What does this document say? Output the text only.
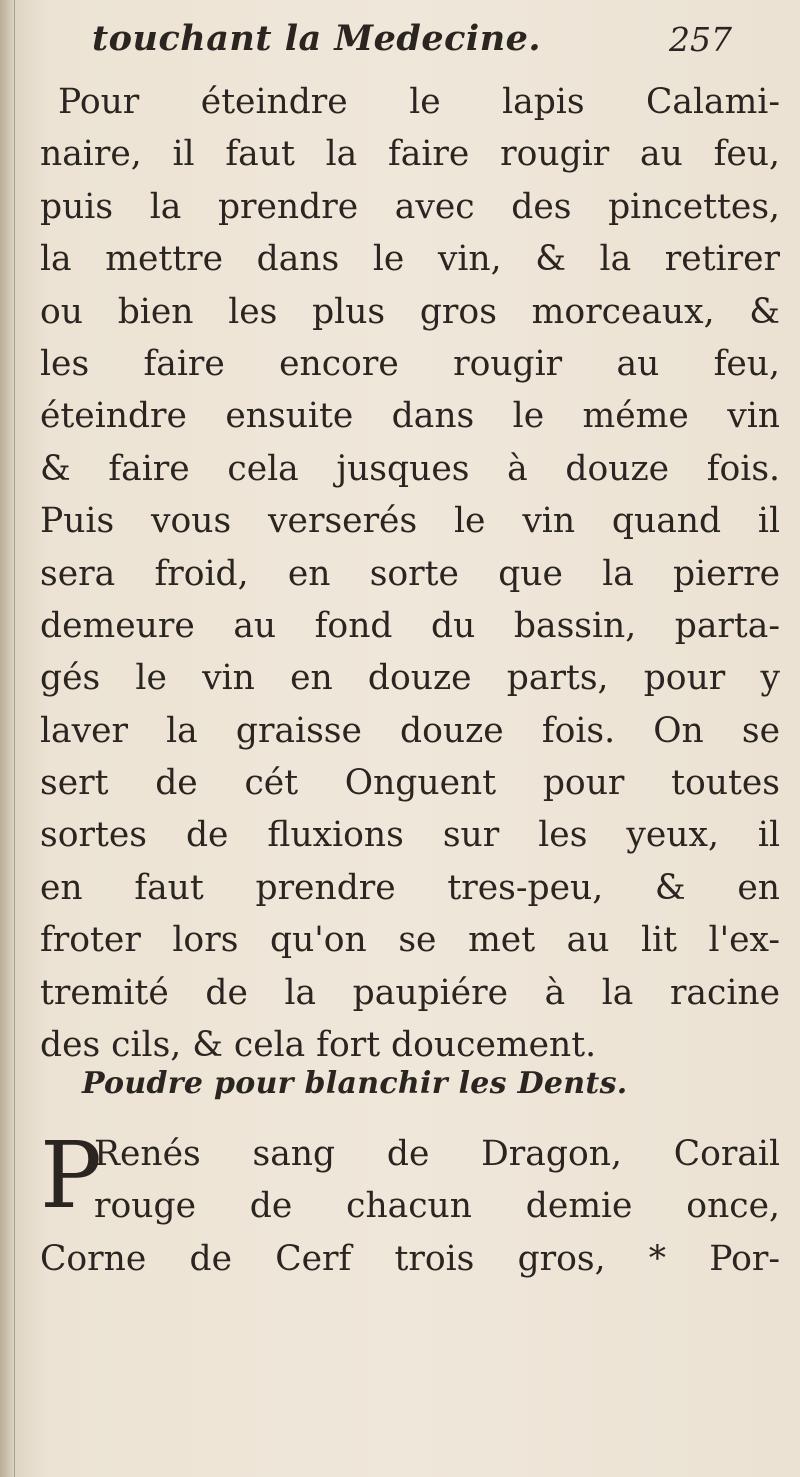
touchant la Medecine.	257
Pour éteindre le lapis Calami-
naire, il faut la faire rougir au feu,
puis la prendre avec des pincettes,
la mettre dans le vin, & la retirer
ou bien les plus gros morceaux, &
les faire encore rougir au feu,
éteindre ensuite dans le méme vin
& faire cela jusques à douze fois.
Puis vous verserés le vin quand il
sera froid, en sorte que la pierre
demeure au fond du bassin, parta-
gés le vin en douze parts, pour y
laver la graisse douze fois. On se
sert de cét Onguent pour toutes
sortes de fluxions sur les yeux, il
en faut prendre tres-peu, & en
froter lors qu'on se met au lit l'ex-
tremité de la paupiére à la racine
des cils, & cela fort doucement.
Poudre pour blanchir les Dents.
P
Renés sang de Dragon, Corail
rouge de chacun demie once,
Corne de Cerf trois gros, * Por-
